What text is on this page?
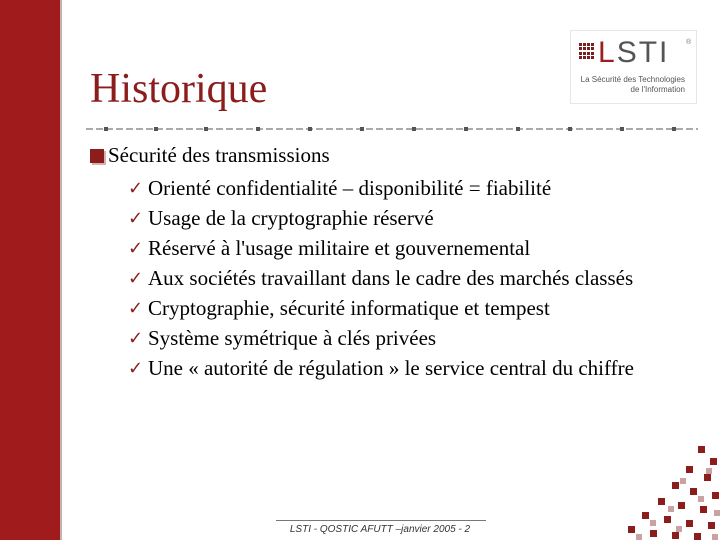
Historique
LSTI ®
La Sécurité des Technologies
de l'Information
Sécurité des transmissions
✓ Orienté confidentialité – disponibilité = fiabilité
✓ Usage de la cryptographie réservé
✓ Réservé à l'usage militaire et gouvernemental
✓ Aux sociétés travaillant dans le cadre des marchés classés
✓ Cryptographie, sécurité informatique et tempest
✓ Système symétrique à clés privées
✓ Une « autorité de régulation » le service central du chiffre
LSTI - QOSTIC AFUTT –janvier 2005 - 2
